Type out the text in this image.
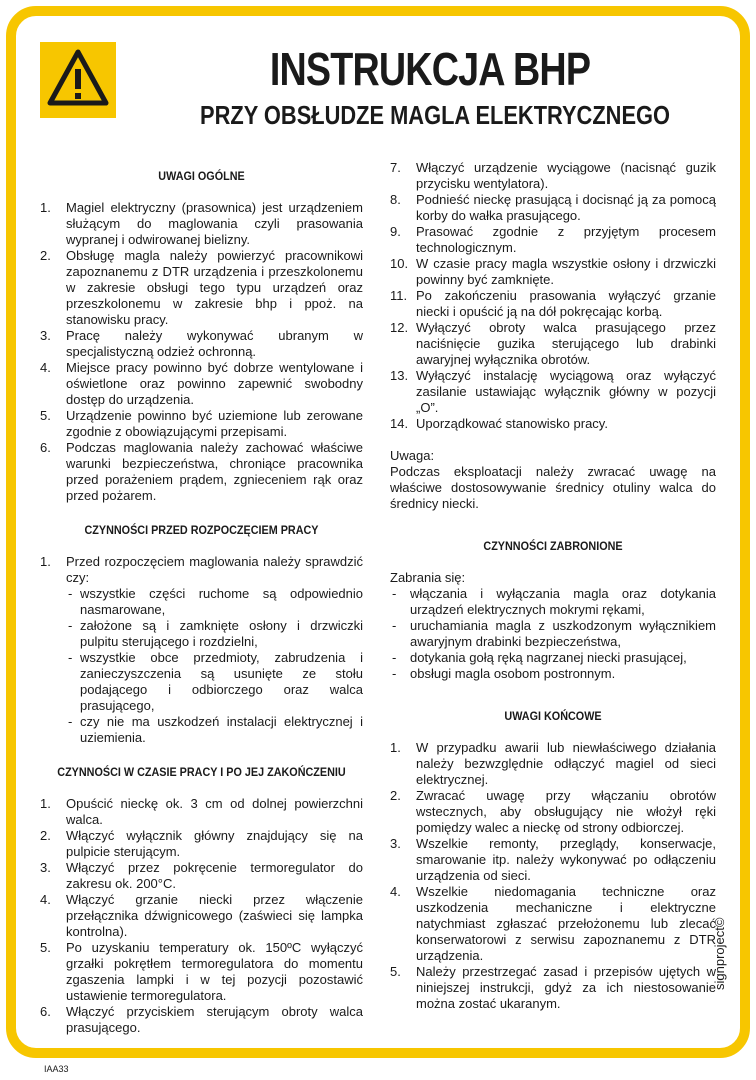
INSTRUKCJA BHP
PRZY OBSŁUDZE MAGLA ELEKTRYCZNEGO
UWAGI OGÓLNE
1. Magiel elektryczny (prasownica) jest urządzeniem służącym do maglowania czyli prasowania wypranej i odwirowanej bielizny.
2. Obsługę magla należy powierzyć pracownikowi zapoznanemu z DTR urządzenia i przeszkolonemu w zakresie obsługi tego typu urządzeń oraz przeszkolonemu w zakresie bhp i ppoż. na stanowisku pracy.
3. Pracę należy wykonywać ubranym w specjalistyczną odzież ochronną.
4. Miejsce pracy powinno być dobrze wentylowane i oświetlone oraz powinno zapewnić swobodny dostęp do urządzenia.
5. Urządzenie powinno być uziemione lub zerowane zgodnie z obowiązującymi przepisami.
6. Podczas maglowania należy zachować właściwe warunki bezpieczeństwa, chroniące pracownika przed porażeniem prądem, zgnieceniem rąk oraz przed pożarem.
CZYNNOŚCI PRZED ROZPOCZĘCIEM PRACY
1. Przed rozpoczęciem maglowania należy sprawdzić czy:
- wszystkie części ruchome są odpowiednio nasmarowane,
- założone są i zamknięte osłony i drzwiczki pulpitu sterującego i rozdzielni,
- wszystkie obce przedmioty, zabrudzenia i zanieczyszczenia są usunięte ze stołu podającego i odbiorczego oraz walca prasującego,
- czy nie ma uszkodzeń instalacji elektrycznej i uziemienia.
CZYNNOŚCI W CZASIE PRACY I PO JEJ ZAKOŃCZENIU
1. Opuścić nieckę ok. 3 cm od dolnej powierzchni walca.
2. Włączyć wyłącznik główny znajdujący się na pulpicie sterującym.
3. Włączyć przez pokręcenie termoregulator do zakresu ok. 200°C.
4. Włączyć grzanie niecki przez włączenie przełącznika dźwignicowego (zaświeci się lampka kontrolna).
5. Po uzyskaniu temperatury ok. 150ºC wyłączyć grzałki pokrętłem termoregulatora do momentu zgaszenia lampki i w tej pozycji pozostawić ustawienie termoregulatora.
6. Włączyć przyciskiem sterującym obroty walca prasującego.
7. Włączyć urządzenie wyciągowe (nacisnąć guzik przycisku wentylatora).
8. Podnieść nieckę prasującą i docisnąć ją za pomocą korby do wałka prasującego.
9. Prasować zgodnie z przyjętym procesem technologicznym.
10. W czasie pracy magla wszystkie osłony i drzwiczki powinny być zamknięte.
11. Po zakończeniu prasowania wyłączyć grzanie niecki i opuścić ją na dół pokręcając korbą.
12. Wyłączyć obroty walca prasującego przez naciśnięcie guzika sterującego lub drabinki awaryjnej wyłącznika obrotów.
13. Wyłączyć instalację wyciągową oraz wyłączyć zasilanie ustawiając wyłącznik główny w pozycji „O”.
14. Uporządkować stanowisko pracy.

Uwaga:

Podczas eksploatacji należy zwracać uwagę na właściwe dostosowywanie średnicy otuliny walca do średnicy niecki.

CZYNNOŚCI ZABRONIONE

Zabrania się:

- włączania i wyłączania magla oraz dotykania urządzeń elektrycznych mokrymi rękami,
- uruchamiania magla z uszkodzonym wyłącznikiem awaryjnym drabinki bezpieczeństwa,
- dotykania gołą ręką nagrzanej niecki prasującej,
- obsługi magla osobom postronnym.
UWAGI KOŃCOWE
1. W przypadku awarii lub niewłaściwego działania należy bezwzględnie odłączyć magiel od sieci elektrycznej.
2. Zwracać uwagę przy włączaniu obrotów wstecznych, aby obsługujący nie włożył ręki pomiędzy walec a nieckę od strony odbiorczej.
3. Wszelkie remonty, przeglądy, konserwacje, smarowanie itp. należy wykonywać po odłączeniu urządzenia od sieci.
4. Wszelkie niedomagania techniczne oraz uszkodzenia mechaniczne i elektryczne natychmiast zgłaszać przełożonemu lub zlecać konserwatorowi z serwisu zapoznanemu z DTR urządzenia.
5. Należy przestrzegać zasad i przepisów ujętych w niniejszej instrukcji, gdyż za ich niestosowanie można zostać ukaranym.
signproject©
IAA33
